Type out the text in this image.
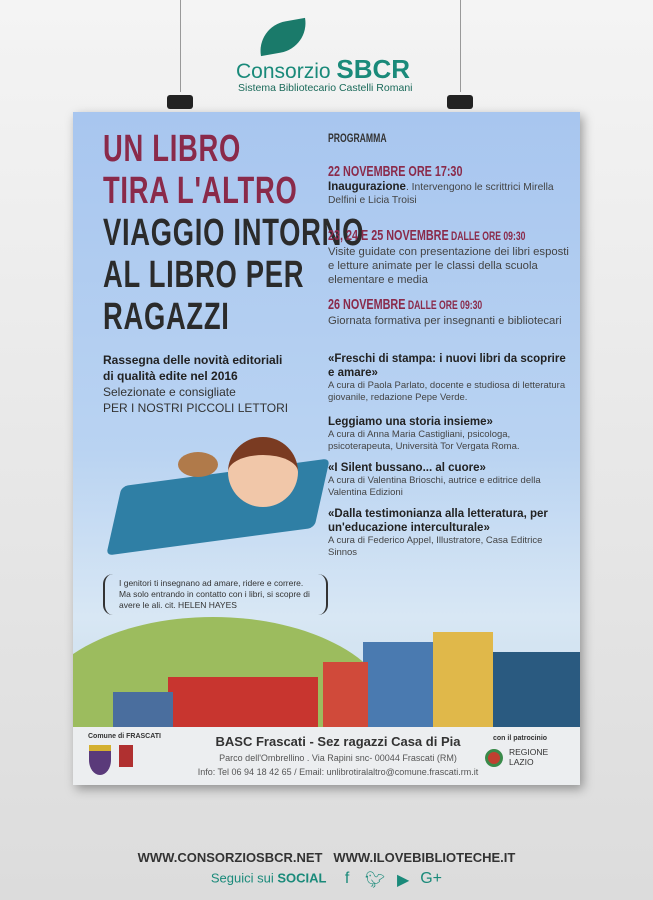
Consorzio SBCR
Sistema Bibliotecario Castelli Romani
UN LIBRO
TIRA L'ALTRO
VIAGGIO INTORNO
AL LIBRO PER
RAGAZZI
Rassegna delle novità editoriali
di qualità edite nel 2016
Selezionate e consigliate
PER I NOSTRI PICCOLI LETTORI
I genitori ti insegnano ad amare, ridere e correre. Ma solo entrando in contatto con i libri, si scopre di avere le ali. cit. HELEN HAYES
PROGRAMMA
22 NOVEMBRE ORE 17:30
Inaugurazione. Intervengono le scrittrici Mirella Delfini e Licia Troisi
23, 24 E 25 NOVEMBRE DALLE ORE 09:30
Visite guidate con presentazione dei libri esposti e letture animate per le classi della scuola elementare e media
26 NOVEMBRE DALLE ORE 09:30
Giornata formativa per insegnanti e bibliotecari
«Freschi di stampa: i nuovi libri da scoprire e amare»
A cura di Paola Parlato, docente e studiosa di letteratura giovanile, redazione Pepe Verde.
Leggiamo una storia insieme»
A cura di Anna Maria Castigliani, psicologa, psicoterapeuta, Università Tor Vergata Roma.
«I Silent bussano... al cuore»
A cura di Valentina Brioschi, autrice e editrice della Valentina Edizioni
«Dalla testimonianza alla letteratura, per un'educazione interculturale»
A cura di Federico Appel, Illustratore, Casa Editrice Sinnos
Comune di FRASCATI	BASC Frascati - Sez ragazzi Casa di Pia
Parco dell'Ombrellino . Via Rapini snc- 00044 Frascati (RM)
Info: Tel 06 94 18 42 65 / Email: unlibrotiralaltro@comune.frascati.rm.it
con il patrocinio
REGIONE
LAZIO
WWW.CONSORZIOSBCR.NET WWW.ILOVEBIBLIOTECHE.IT
Seguici sui SOCIAL f 🐦︎ ▶ G+
